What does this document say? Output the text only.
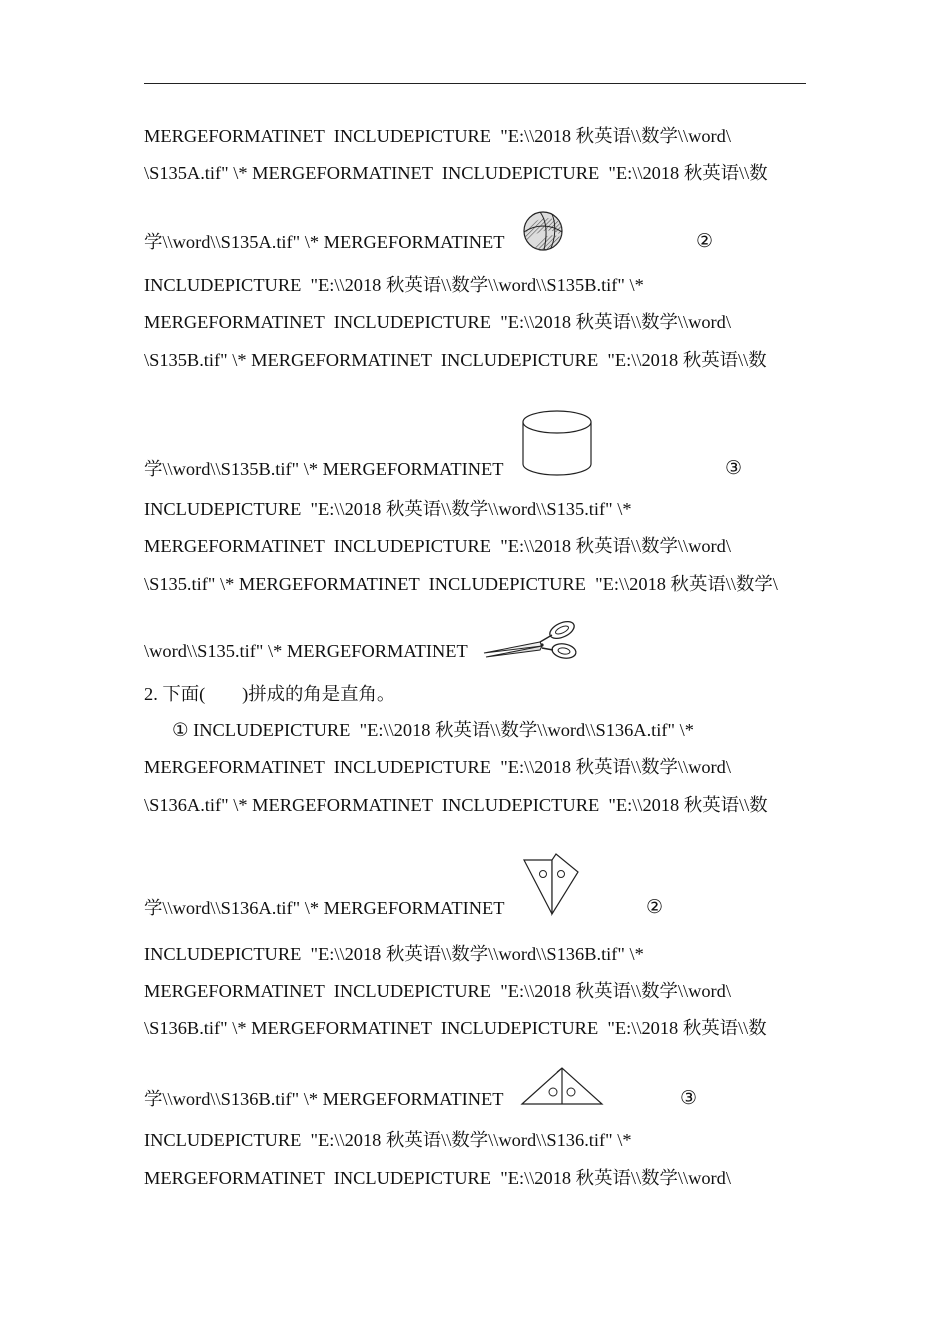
MERGEFORMATINET  INCLUDEPICTURE  "E:\\2018 秋英语\\数学\\word\
\S135A.tif" \* MERGEFORMATINET  INCLUDEPICTURE  "E:\\2018 秋英语\\数
学\\word\\S135A.tif" \* MERGEFORMATINET	②
INCLUDEPICTURE  "E:\\2018 秋英语\\数学\\word\\S135B.tif" \*
MERGEFORMATINET  INCLUDEPICTURE  "E:\\2018 秋英语\\数学\\word\
\S135B.tif" \* MERGEFORMATINET  INCLUDEPICTURE  "E:\\2018 秋英语\\数
学\\word\\S135B.tif" \* MERGEFORMATINET	③
INCLUDEPICTURE  "E:\\2018 秋英语\\数学\\word\\S135.tif" \*
MERGEFORMATINET  INCLUDEPICTURE  "E:\\2018 秋英语\\数学\\word\
\S135.tif" \* MERGEFORMATINET  INCLUDEPICTURE  "E:\\2018 秋英语\\数学\
\word\\S135.tif" \* MERGEFORMATINET
2. 下面(        )拼成的角是直角。
① INCLUDEPICTURE  "E:\\2018 秋英语\\数学\\word\\S136A.tif" \*
MERGEFORMATINET  INCLUDEPICTURE  "E:\\2018 秋英语\\数学\\word\
\S136A.tif" \* MERGEFORMATINET  INCLUDEPICTURE  "E:\\2018 秋英语\\数
学\\word\\S136A.tif" \* MERGEFORMATINET	②
INCLUDEPICTURE  "E:\\2018 秋英语\\数学\\word\\S136B.tif" \*
MERGEFORMATINET  INCLUDEPICTURE  "E:\\2018 秋英语\\数学\\word\
\S136B.tif" \* MERGEFORMATINET  INCLUDEPICTURE  "E:\\2018 秋英语\\数
学\\word\\S136B.tif" \* MERGEFORMATINET	③
INCLUDEPICTURE  "E:\\2018 秋英语\\数学\\word\\S136.tif" \*
MERGEFORMATINET  INCLUDEPICTURE  "E:\\2018 秋英语\\数学\\word\
